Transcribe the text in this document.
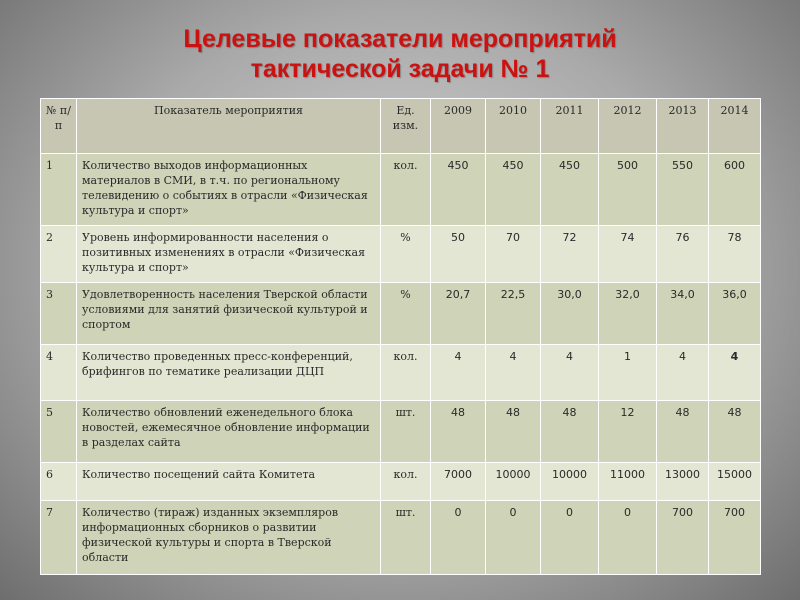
Целевые показатели мероприятий
тактической задачи № 1
№ п/п	Показатель мероприятия	Ед. изм.	2009	2010	2011	2012	2013	2014
1	Количество выходов информационных материалов в СМИ, в т.ч. по региональному телевидению о событиях в отрасли «Физическая культура и спорт»	кол.	450	450	450	500	550	600
2	Уровень информированности населения о позитивных изменениях в отрасли «Физическая культура и спорт»	%	50	70	72	74	76	78
3	Удовлетворенность населения Тверской области условиями для занятий физической культурой и спортом	%	20,7	22,5	30,0	32,0	34,0	36,0
4	Количество проведенных пресс-конференций, брифингов по тематике реализации ДЦП	кол.	4	4	4	1	4	4
5	Количество обновлений еженедельного блока новостей, ежемесячное обновление информации в разделах сайта	шт.	48	48	48	12	48	48
6	Количество посещений сайта Комитета	кол.	7000	10000	10000	11000	13000	15000
7	Количество (тираж) изданных экземпляров информационных сборников о развитии физической культуры и спорта в Тверской области	шт.	0	0	0	0	700	700
